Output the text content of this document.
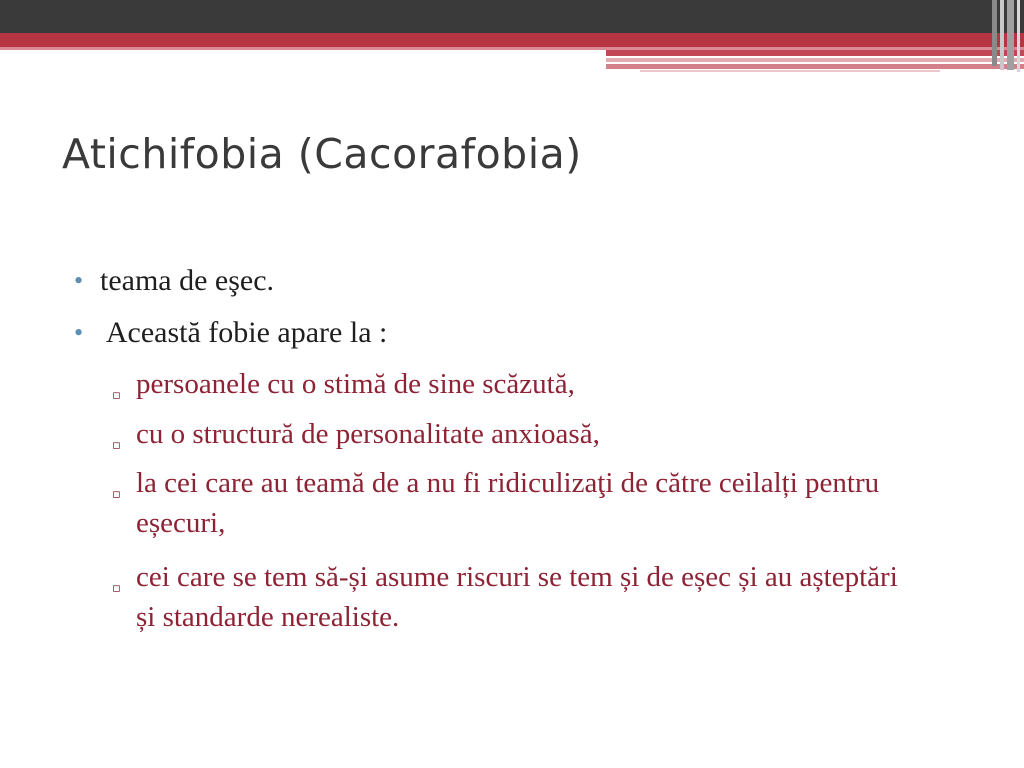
Atichifobia (Cacorafobia)
• teama de eşec.
• Această fobie apare la :
▫ persoanele cu o stimă de sine scăzută,
▫ cu o structură de personalitate anxioasă,
▫ la cei care au teamă de a nu fi ridiculizaţi de către ceilalți pentru eșecuri,
▫ cei care se tem să-și asume riscuri se tem și de eșec și au așteptări și standarde nerealiste.
